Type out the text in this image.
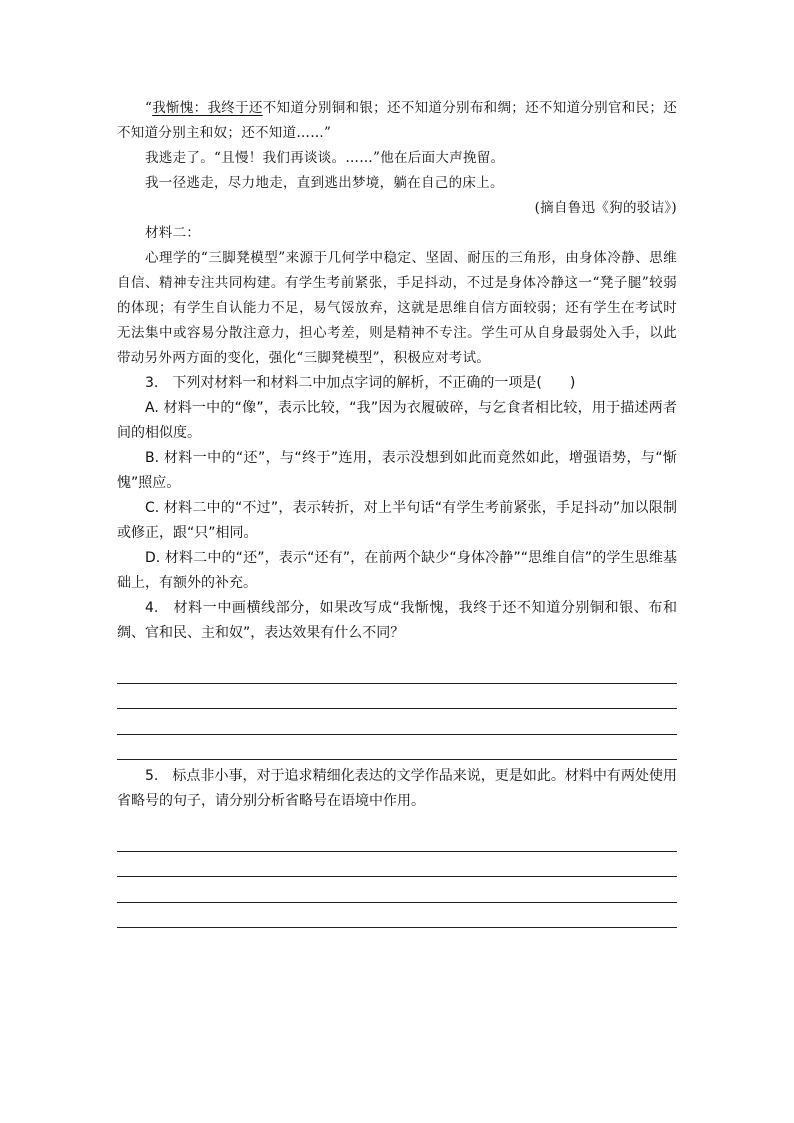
“我惭愧：我终于还不知道分别铜和银；还不知道分别布和绸；还不知道分别官和民；还不知道分别主和奴；还不知道……”

我逃走了。“且慢！我们再谈谈。……”他在后面大声挽留。

我一径逃走，尽力地走，直到逃出梦境，躺在自己的床上。

(摘自鲁迅《狗的驳诘》)

材料二：

心理学的“三脚凳模型”来源于几何学中稳定、坚固、耐压的三角形，由身体冷静、思维自信、精神专注共同构建。有学生考前紧张，手足抖动，不过是身体冷静这一“凳子腿”较弱的体现；有学生自认能力不足，易气馁放弃，这就是思维自信方面较弱；还有学生在考试时无法集中或容易分散注意力，担心考差，则是精神不专注。学生可从自身最弱处入手，以此带动另外两方面的变化，强化“三脚凳模型”，积极应对考试。

3.　下列对材料一和材料二中加点字词的解析，不正确的一项是(　　)

A. 材料一中的“像”，表示比较，“我”因为衣履破碎，与乞食者相比较，用于描述两者间的相似度。

B. 材料一中的“还”，与“终于”连用，表示没想到如此而竟然如此，增强语势，与“惭愧”照应。

C. 材料二中的“不过”，表示转折，对上半句话“有学生考前紧张，手足抖动”加以限制或修正，跟“只”相同。

D. 材料二中的“还”，表示“还有”，在前两个缺少“身体冷静”“思维自信”的学生思维基础上，有额外的补充。

4.　材料一中画横线部分，如果改写成“我惭愧，我终于还不知道分别铜和银、布和绸、官和民、主和奴”，表达效果有什么不同？

5.　标点非小事，对于追求精细化表达的文学作品来说，更是如此。材料中有两处使用省略号的句子，请分别分析省略号在语境中作用。
